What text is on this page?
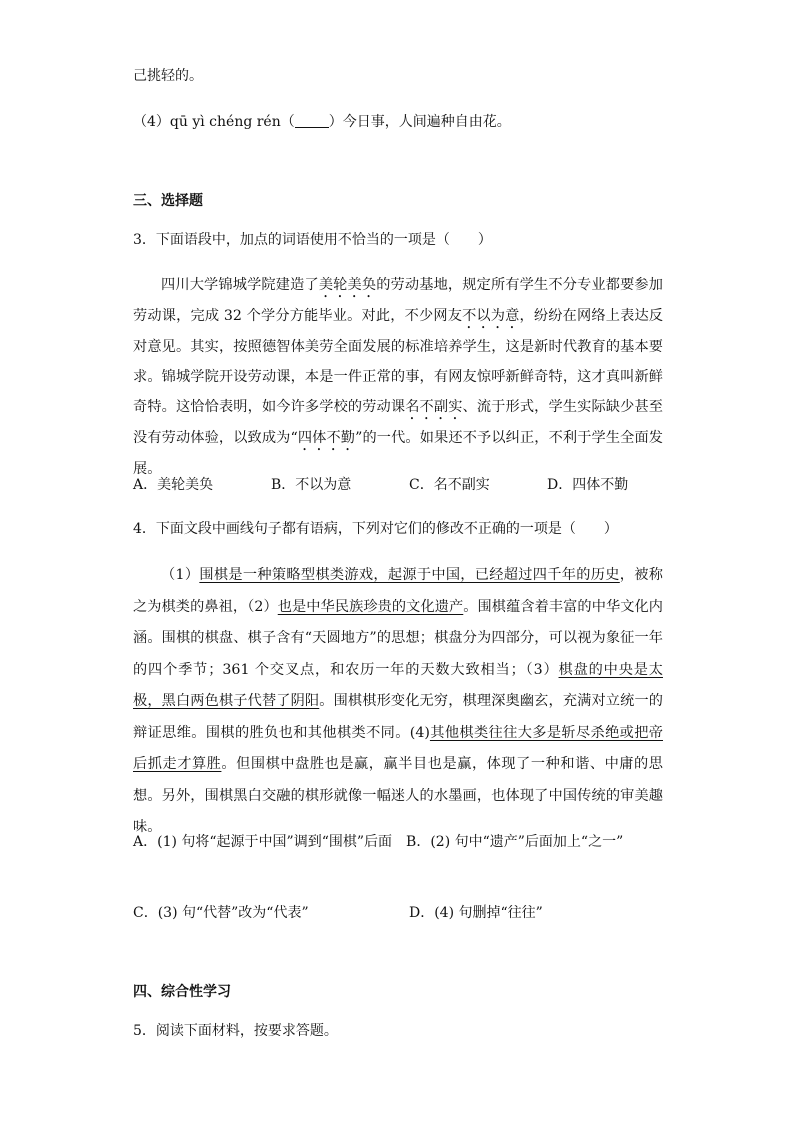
己挑轻的。
（4）qū yì chéng rén（ ）今日事，人间遍种自由花。
三、选择题
3．下面语段中，加点的词语使用不恰当的一项是（　　）
四川大学锦城学院建造了美轮美奂的劳动基地，规定所有学生不分专业都要参加劳动课，完成 32 个学分方能毕业。对此，不少网友不以为意，纷纷在网络上表达反对意见。其实，按照德智体美劳全面发展的标准培养学生，这是新时代教育的基本要求。锦城学院开设劳动课，本是一件正常的事，有网友惊呼新鲜奇特，这才真叫新鲜奇特。这恰恰表明，如今许多学校的劳动课名不副实、流于形式，学生实际缺少甚至没有劳动体验，以致成为“四体不勤”的一代。如果还不予以纠正，不利于学生全面发展。
A．美轮美奂	B．不以为意	C．名不副实	D．四体不勤
4．下面文段中画线句子都有语病，下列对它们的修改不正确的一项是（　　）
（1）围棋是一种策略型棋类游戏，起源于中国，已经超过四千年的历史，被称之为棋类的鼻祖，（2）也是中华民族珍贵的文化遗产。围棋蕴含着丰富的中华文化内涵。围棋的棋盘、棋子含有“天圆地方”的思想；棋盘分为四部分，可以视为象征一年的四个季节；361 个交叉点，和农历一年的天数大致相当；（3）棋盘的中央是太极，黑白两色棋子代替了阴阳。围棋棋形变化无穷，棋理深奥幽玄，充满对立统一的辩证思维。围棋的胜负也和其他棋类不同。(4)其他棋类往往大多是斩尽杀绝或把帝后抓走才算胜。但围棋中盘胜也是赢，赢半目也是赢，体现了一种和谐、中庸的思想。另外，围棋黑白交融的棋形就像一幅迷人的水墨画，也体现了中国传统的审美趣味。
A．(1) 句将“起源于中国”调到“围棋”后面　 B．(2) 句中“遗产”后面加上“之一”
C．(3) 句“代替”改为“代表”	D．(4) 句删掉“往往”
四、综合性学习
5．阅读下面材料，按要求答题。
